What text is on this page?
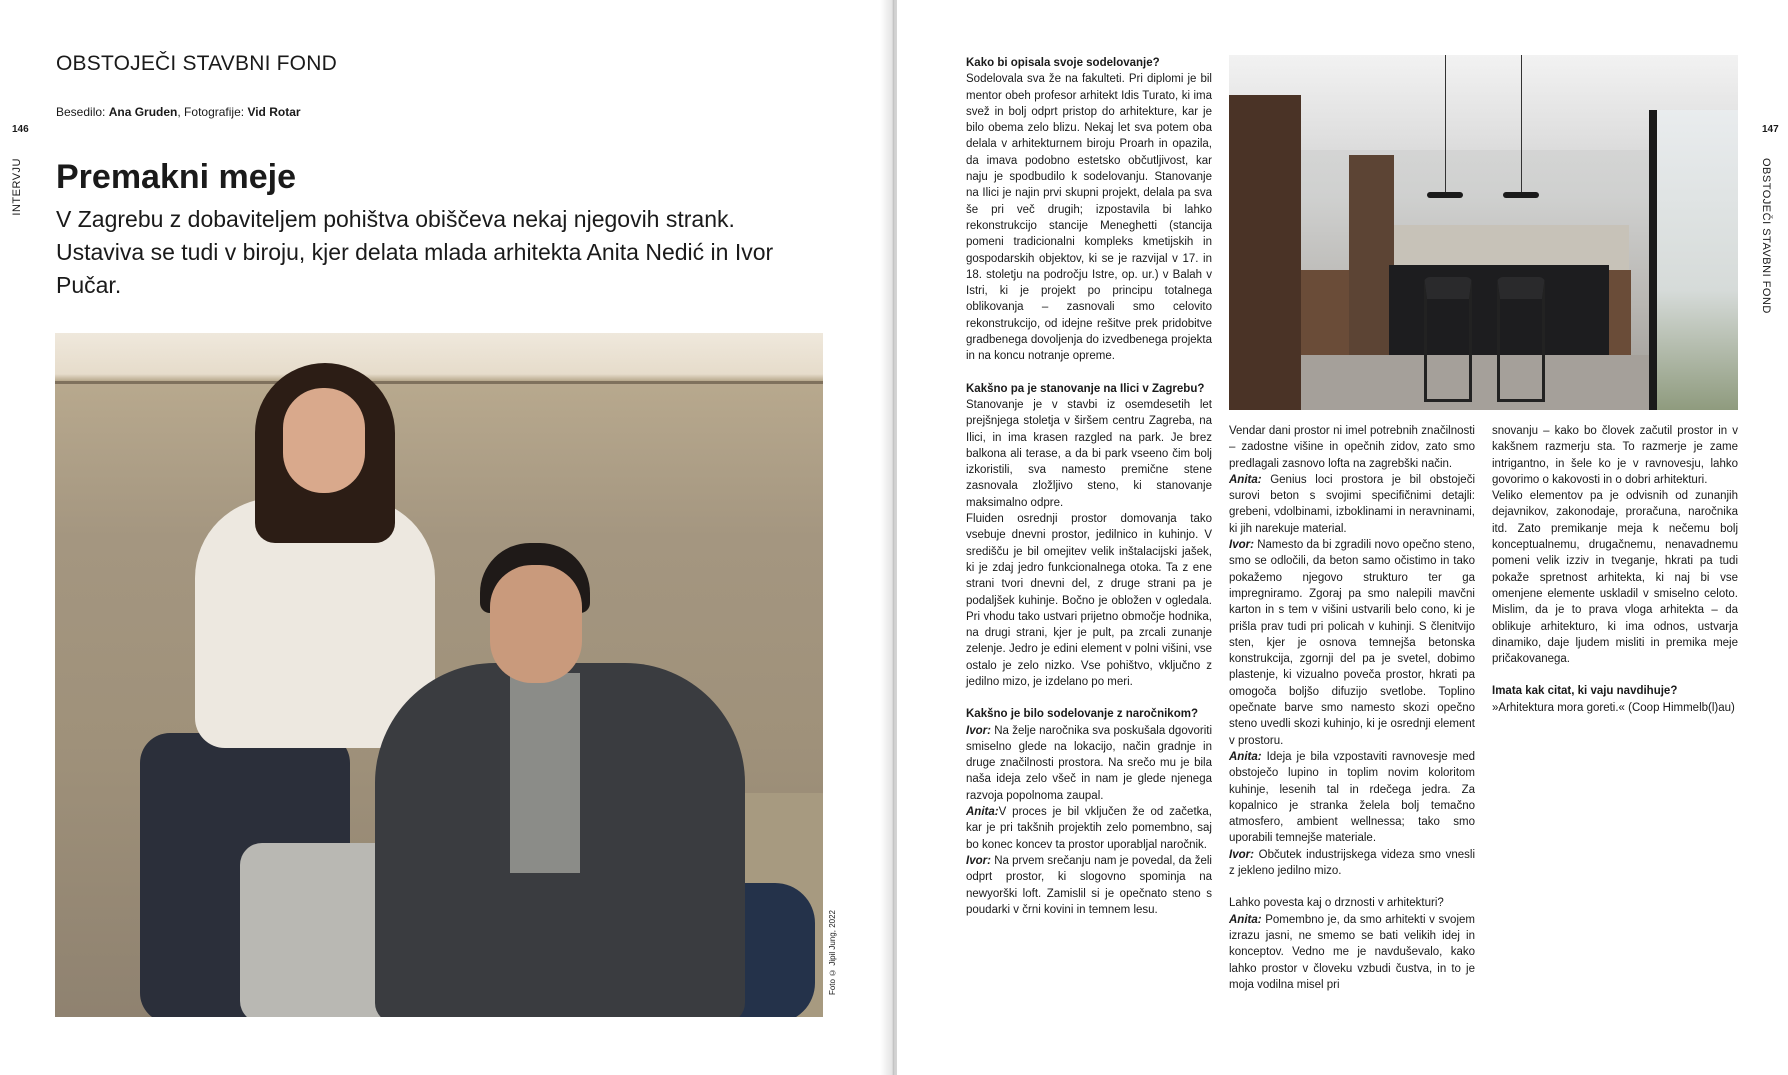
OBSTOJEČI STAVBNI FOND
Besedilo: Ana Gruden, Fotografije: Vid Rotar
146
INTERVJU Premakni meje

V Zagrebu z dobaviteljem pohištva obiščeva nekaj njegovih strank. Ustaviva se tudi v biroju, kjer delata mlada arhitekta Anita Nedić in Ivor Pučar.

Foto © Jipil Jung, 2022
147
OBSTOJEČI STAVBNI FOND

Kako bi opisala svoje sodelovanje?

Sodelovala sva že na fakulteti. Pri diplomi je bil mentor obeh profesor arhitekt Idis Turato, ki ima svež in bolj odprt pristop do arhitekture, kar je bilo obema zelo blizu. Nekaj let sva potem oba delala v arhitekturnem biroju Proarh in opazila, da imava podobno estetsko občutljivost, kar naju je spodbudilo k sodelovanju. Stanovanje na Ilici je najin prvi skupni projekt, delala pa sva še pri več drugih; izpostavila bi lahko rekonstrukcijo stancije Meneghetti (stancija pomeni tradicionalni kompleks kmetijskih in gospodarskih objektov, ki se je razvijal v 17. in 18. stoletju na področju Istre, op. ur.) v Balah v Istri, ki je projekt po principu totalnega oblikovanja – zasnovali smo celovito rekonstrukcijo, od idejne rešitve prek pridobitve gradbenega dovoljenja do izvedbenega projekta in na koncu notranje opreme.

Kakšno pa je stanovanje na Ilici v Zagrebu?

Stanovanje je v stavbi iz osemdesetih let prejšnjega stoletja v širšem centru Zagreba, na Ilici, in ima krasen razgled na park. Je brez balkona ali terase, a da bi park vseeno čim bolj izkoristili, sva namesto premične stene zasnovala zložljivo steno, ki stanovanje maksimalno odpre.

Fluiden osrednji prostor domovanja tako vsebuje dnevni prostor, jedilnico in kuhinjo. V središču je bil omejitev velik inštalacijski jašek, ki je zdaj jedro funkcionalnega otoka. Ta z ene strani tvori dnevni del, z druge strani pa je podaljšek kuhinje. Bočno je obložen v ogledala. Pri vhodu tako ustvari prijetno območje hodnika, na drugi strani, kjer je pult, pa zrcali zunanje zelenje. Jedro je edini element v polni višini, vse ostalo je zelo nizko. Vse pohištvo, vključno z jedilno mizo, je izdelano po meri.

Kakšno je bilo sodelovanje z naročnikom?

Ivor: Na želje naročnika sva poskušala dgovoriti smiselno glede na lokacijo, način gradnje in druge značilnosti prostora. Na srečo mu je bila naša ideja zelo všeč in nam je glede njenega razvoja popolnoma zaupal.

Anita:V proces je bil vključen že od začetka, kar je pri takšnih projektih zelo pomembno, saj bo konec koncev ta prostor uporabljal naročnik.

Ivor: Na prvem srečanju nam je povedal, da želi odprt prostor, ki slogovno spominja na newyorški loft. Zamislil si je opečnato steno s poudarki v črni kovini in temnem lesu.

Vendar dani prostor ni imel potrebnih značilnosti – zadostne višine in opečnih zidov, zato smo predlagali zasnovo lofta na zagrebški način.

Anita: Genius loci prostora je bil obstoječi surovi beton s svojimi specifičnimi detajli: grebeni, vdolbinami, izboklinami in neravninami, ki jih narekuje material.

Ivor: Namesto da bi zgradili novo opečno steno, smo se odločili, da beton samo očistimo in tako pokažemo njegovo strukturo ter ga impregniramo. Zgoraj pa smo nalepili mavčni karton in s tem v višini ustvarili belo cono, ki je prišla prav tudi pri policah v kuhinji. S členitvijo sten, kjer je osnova temnejša betonska konstrukcija, zgornji del pa je svetel, dobimo plastenje, ki vizualno poveča prostor, hkrati pa omogoča boljšo difuzijo svetlobe. Toplino opečnate barve smo namesto skozi opečno steno uvedli skozi kuhinjo, ki je osrednji element v prostoru.

Anita: Ideja je bila vzpostaviti ravnovesje med obstoječo lupino in toplim novim koloritom kuhinje, lesenih tal in rdečega jedra. Za kopalnico je stranka želela bolj temačno atmosfero, ambient wellnessa; tako smo uporabili temnejše materiale.

Ivor: Občutek industrijskega videza smo vnesli z jekleno jedilno mizo.

Lahko povesta kaj o drznosti v arhitekturi?

Anita: Pomembno je, da smo arhitekti v svojem izrazu jasni, ne smemo se bati velikih idej in konceptov. Vedno me je navduševalo, kako lahko prostor v človeku vzbudi čustva, in to je moja vodilna misel pri

snovanju – kako bo človek začutil prostor in v kakšnem razmerju sta. To razmerje je zame intrigantno, in šele ko je v ravnovesju, lahko govorimo o kakovosti in o dobri arhitekturi.

Veliko elementov pa je odvisnih od zunanjih dejavnikov, zakonodaje, proračuna, naročnika itd. Zato premikanje meja k nečemu bolj konceptualnemu, drugačnemu, nenavadnemu pomeni velik izziv in tveganje, hkrati pa tudi pokaže spretnost arhitekta, ki naj bi vse omenjene elemente uskladil v smiselno celoto. Mislim, da je to prava vloga arhitekta – da oblikuje arhitekturo, ki ima odnos, ustvarja dinamiko, daje ljudem misliti in premika meje pričakovanega.

Imata kak citat, ki vaju navdihuje?

»Arhitektura mora goreti.« (Coop Himmelb(l)au)
